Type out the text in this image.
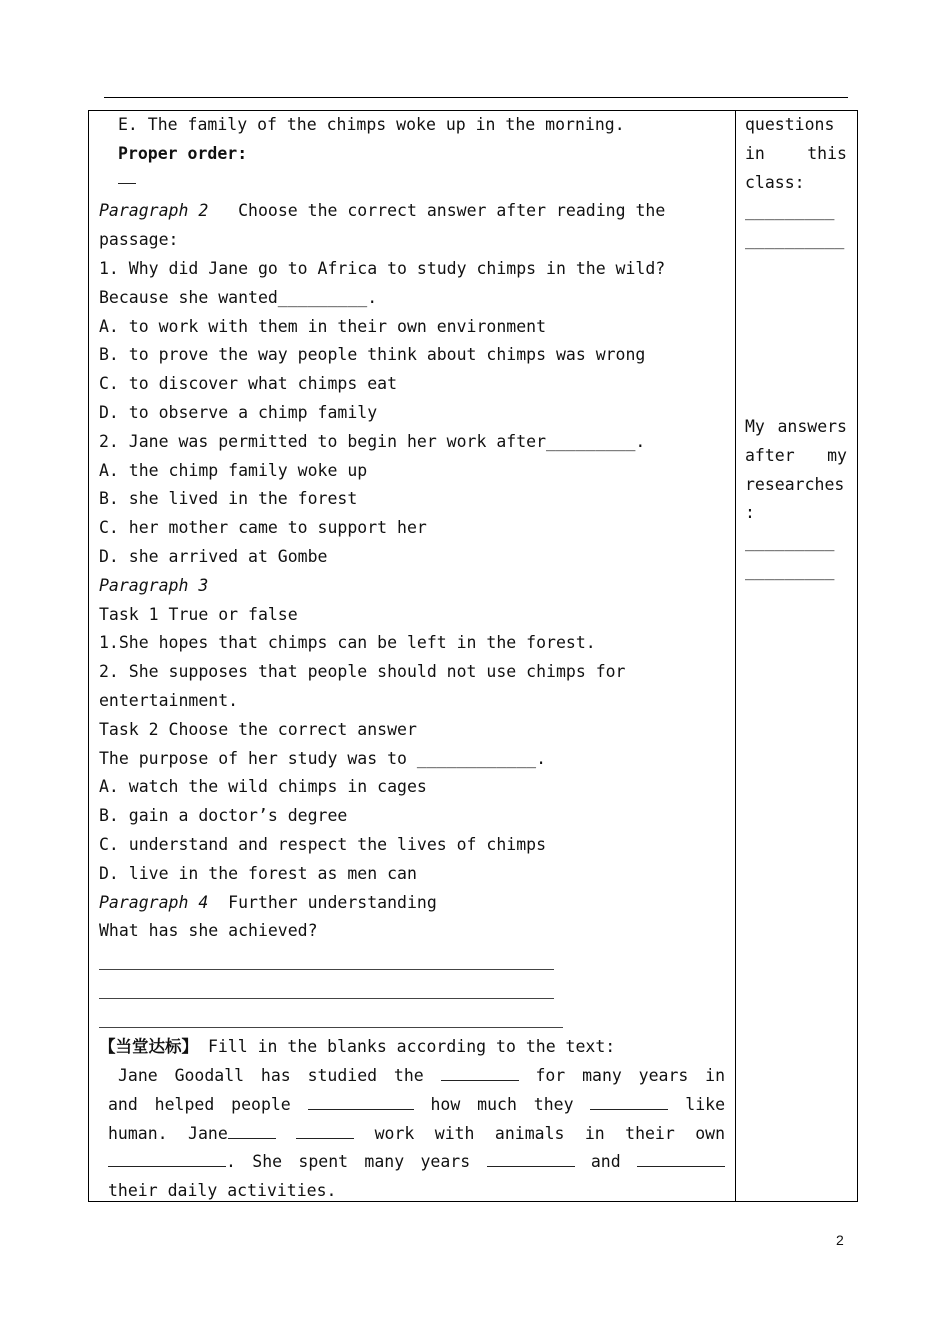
E. The family of the chimps woke up in the morning.
Proper order:
Paragraph 2 Choose the correct answer after reading the
passage:
1. Why did Jane go to Africa to study chimps in the wild?
Because she wanted_________.
A. to work with them in their own environment
B. to prove the way people think about chimps was wrong
C. to discover what chimps eat
D. to observe a chimp family
2. Jane was permitted to begin her work after_________.
A. the chimp family woke up
B. she lived in the forest
C. her mother came to support her
D. she arrived at Gombe
Paragraph 3
Task 1 True or false
1.She hopes that chimps can be left in the forest.
2. She supposes that people should not use chimps for
entertainment.
Task 2 Choose the correct answer
The purpose of her study was to ____________.
A. watch the wild chimps in cages
B. gain a doctor’s degree
C. understand and respect the lives of chimps
D. live in the forest as men can
Paragraph 4 Further understanding
What has she achieved?
【当堂达标】 Fill in the blanks according to the text:
Jane Goodall has studied the	for many years in
and helped people	how much they	like
human. Jane	work with animals in their own
. She spent many years	and
their daily activities.
questions
in	this
class:
_________
__________
My answers
after my
researches
:
_________
_________
2
